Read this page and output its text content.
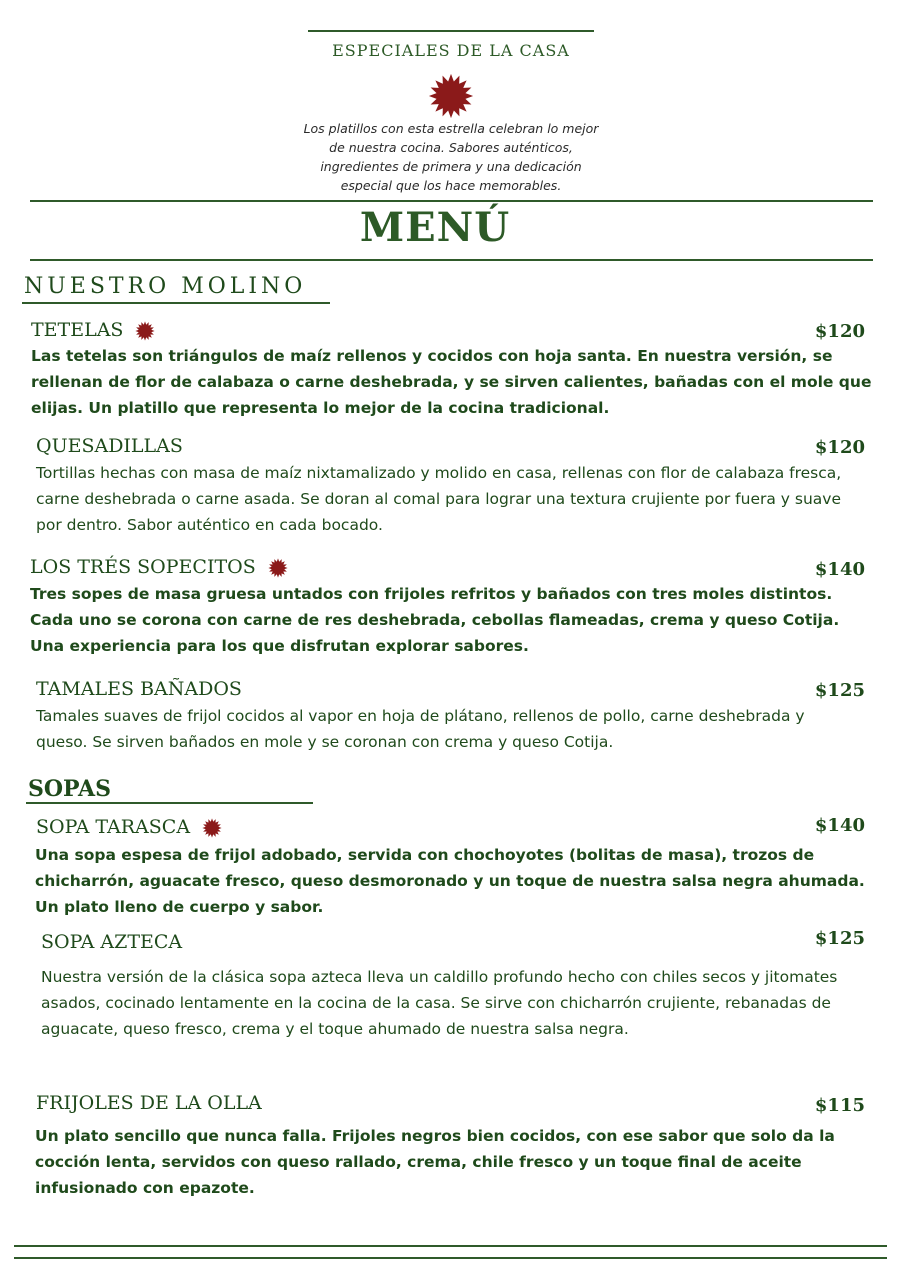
ESPECIALES DE LA CASA
Los platillos con esta estrella celebran lo mejor de nuestra cocina. Sabores auténticos, ingredientes de primera y una dedicación especial que los hace memorables.
MENÚ
NUESTRO MOLINO
TETELAS	$120
Las tetelas son triángulos de maíz rellenos y cocidos con hoja santa. En nuestra versión, se rellenan de flor de calabaza o carne deshebrada, y se sirven calientes, bañadas con el mole que elijas. Un platillo que representa lo mejor de la cocina tradicional.
QUESADILLAS	$120
Tortillas hechas con masa de maíz nixtamalizado y molido en casa, rellenas con flor de calabaza fresca, carne deshebrada o carne asada. Se doran al comal para lograr una textura crujiente por fuera y suave por dentro. Sabor auténtico en cada bocado.
LOS TRÉS SOPECITOS	$140
Tres sopes de masa gruesa untados con frijoles refritos y bañados con tres moles distintos. Cada uno se corona con carne de res deshebrada, cebollas flameadas, crema y queso Cotija. Una experiencia para los que disfrutan explorar sabores.
TAMALES BAÑADOS	$125
Tamales suaves de frijol cocidos al vapor en hoja de plátano, rellenos de pollo, carne deshebrada y queso. Se sirven bañados en mole y se coronan con crema y queso Cotija.
SOPAS
SOPA TARASCA	$140
Una sopa espesa de frijol adobado, servida con chochoyotes (bolitas de masa), trozos de chicharrón, aguacate fresco, queso desmoronado y un toque de nuestra salsa negra ahumada. Un plato lleno de cuerpo y sabor.
SOPA AZTECA	$125
Nuestra versión de la clásica sopa azteca lleva un caldillo profundo hecho con chiles secos y jitomates asados, cocinado lentamente en la cocina de la casa. Se sirve con chicharrón crujiente, rebanadas de aguacate, queso fresco, crema y el toque ahumado de nuestra salsa negra.
FRIJOLES DE LA OLLA	$115
Un plato sencillo que nunca falla. Frijoles negros bien cocidos, con ese sabor que solo da la cocción lenta, servidos con queso rallado, crema, chile fresco y un toque final de aceite infusionado con epazote.
